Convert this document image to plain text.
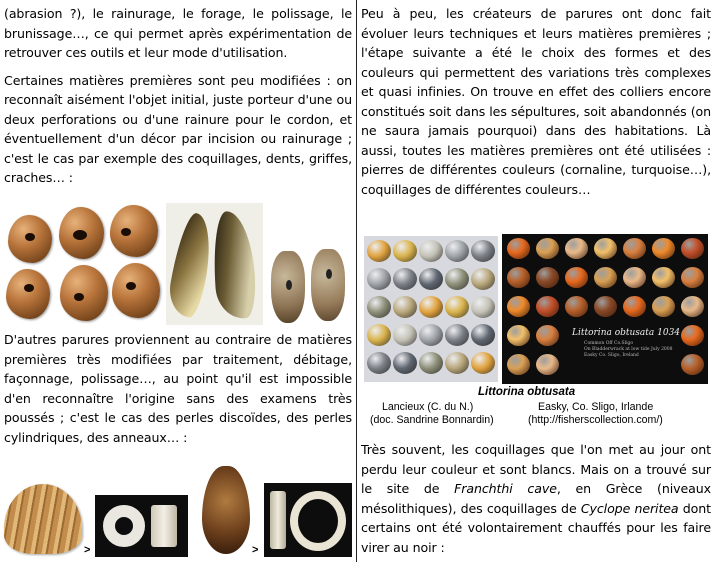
(abrasion ?), le rainurage, le forage, le polissage, le brunissage…, ce qui permet après expérimentation de retrouver ces outils et leur mode d'utilisation.

Certaines matières premières sont peu modifiées : on reconnaît aisément l'objet initial, juste porteur d'une ou deux perforations ou d'une rainure pour le cordon, et éventuellement d'un décor par incision ou rainurage ; c'est le cas par exemple des coquillages, dents, griffes, craches… :

D'autres parures proviennent au contraire de matières premières très modifiées par traitement, débitage, façonnage, polissage…, au point qu'il est impossible d'en reconnaître l'origine sans des examens très poussés ; c'est le cas des perles discoïdes, des perles cylindriques, des anneaux… :

>	>

Peu à peu, les créateurs de parures ont donc fait évoluer leurs techniques et leurs matières premières ; l'étape suivante a été le choix des formes et des couleurs qui permettent des variations très complexes et quasi infinies. On trouve en effet des colliers encore constitués soit dans les sépultures, soit abandonnés (on ne saura jamais pourquoi) dans des habitations. Là aussi, toutes les matières premières ont été utilisées : pierres de différentes couleurs (cornaline, turquoise…), coquillages de différentes couleurs…

Littorina obtusata 1034
Common Off Co.Sligo
On Bladderwrack at low tide July 2008
Easky Co. Sligo, Ireland
Littorina obtusata
Lancieux (C. du N.)
(doc. Sandrine Bonnardin)
Easky, Co. Sligo, Irlande
(http://fisherscollection.com/)

Très souvent, les coquillages que l'on met au jour ont perdu leur couleur et sont blancs. Mais on a trouvé sur le site de Franchthi cave, en Grèce (niveaux mésolithiques), des coquillages de Cyclope neritea dont certains ont été volontairement chauffés pour les faire virer au noir :
